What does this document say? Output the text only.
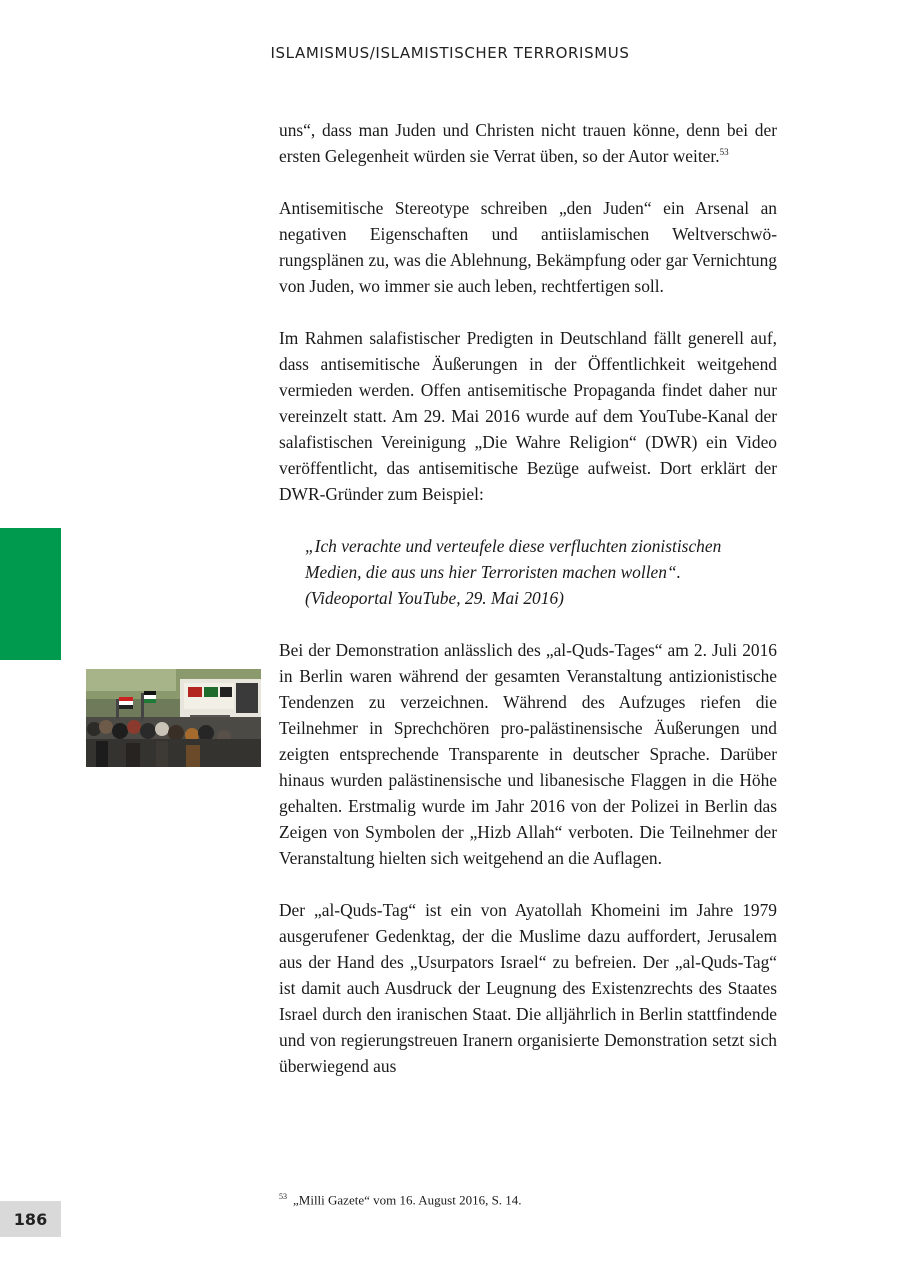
ISLAMISMUS/ISLAMISTISCHER TERRORISMUS

uns“, dass man Juden und Christen nicht trauen könne, denn bei der ersten Gelegenheit würden sie Verrat üben, so der Autor weiter.$^{53}$

Antisemitische Stereotype schreiben „den Juden“ ein Arsenal an negativen Eigenschaften und antiislamischen Weltverschwörungsplänen zu, was die Ablehnung, Bekämpfung oder gar Vernichtung von Juden, wo immer sie auch leben, rechtfertigen soll.

Im Rahmen salafistischer Predigten in Deutschland fällt generell auf, dass antisemitische Äußerungen in der Öffentlichkeit weitgehend vermieden werden. Offen antisemitische Propaganda findet daher nur vereinzelt statt. Am 29. Mai 2016 wurde auf dem YouTube-Kanal der salafistischen Vereinigung „Die Wahre Religion“ (DWR) ein Video veröffentlicht, das antisemitische Bezüge aufweist. Dort erklärt der DWR-Gründer zum Beispiel:

„Ich verachte und verteufele diese verfluchten zionistischen Medien, die aus uns hier Terroristen machen wollen“.
(Videoportal YouTube, 29. Mai 2016)

Bei der Demonstration anlässlich des „al-Quds-Tages“ am 2. Juli 2016 in Berlin waren während der gesamten Veranstaltung antizionistische Tendenzen zu verzeichnen. Während des Aufzuges riefen die Teilnehmer in Sprechchören pro-palästinensische Äußerungen und zeigten entsprechende Transparente in deutscher Sprache. Darüber hinaus wurden palästinensische und libanesische Flaggen in die Höhe gehalten. Erstmalig wurde im Jahr 2016 von der Polizei in Berlin das Zeigen von Symbolen der „Hizb Allah“ verboten. Die Teilnehmer der Veranstaltung hielten sich weitgehend an die Auflagen.

Der „al-Quds-Tag“ ist ein von Ayatollah Khomeini im Jahre 1979 ausgerufener Gedenktag, der die Muslime dazu auffordert, Jerusalem aus der Hand des „Usurpators Israel“ zu befreien. Der „al-Quds-Tag“ ist damit auch Ausdruck der Leugnung des Existenzrechts des Staates Israel durch den iranischen Staat. Die alljährlich in Berlin stattfindende und von regierungstreuen Iranern organisierte Demonstration setzt sich überwiegend aus

$^{53}$ „Milli Gazete“ vom 16. August 2016, S. 14.
186
